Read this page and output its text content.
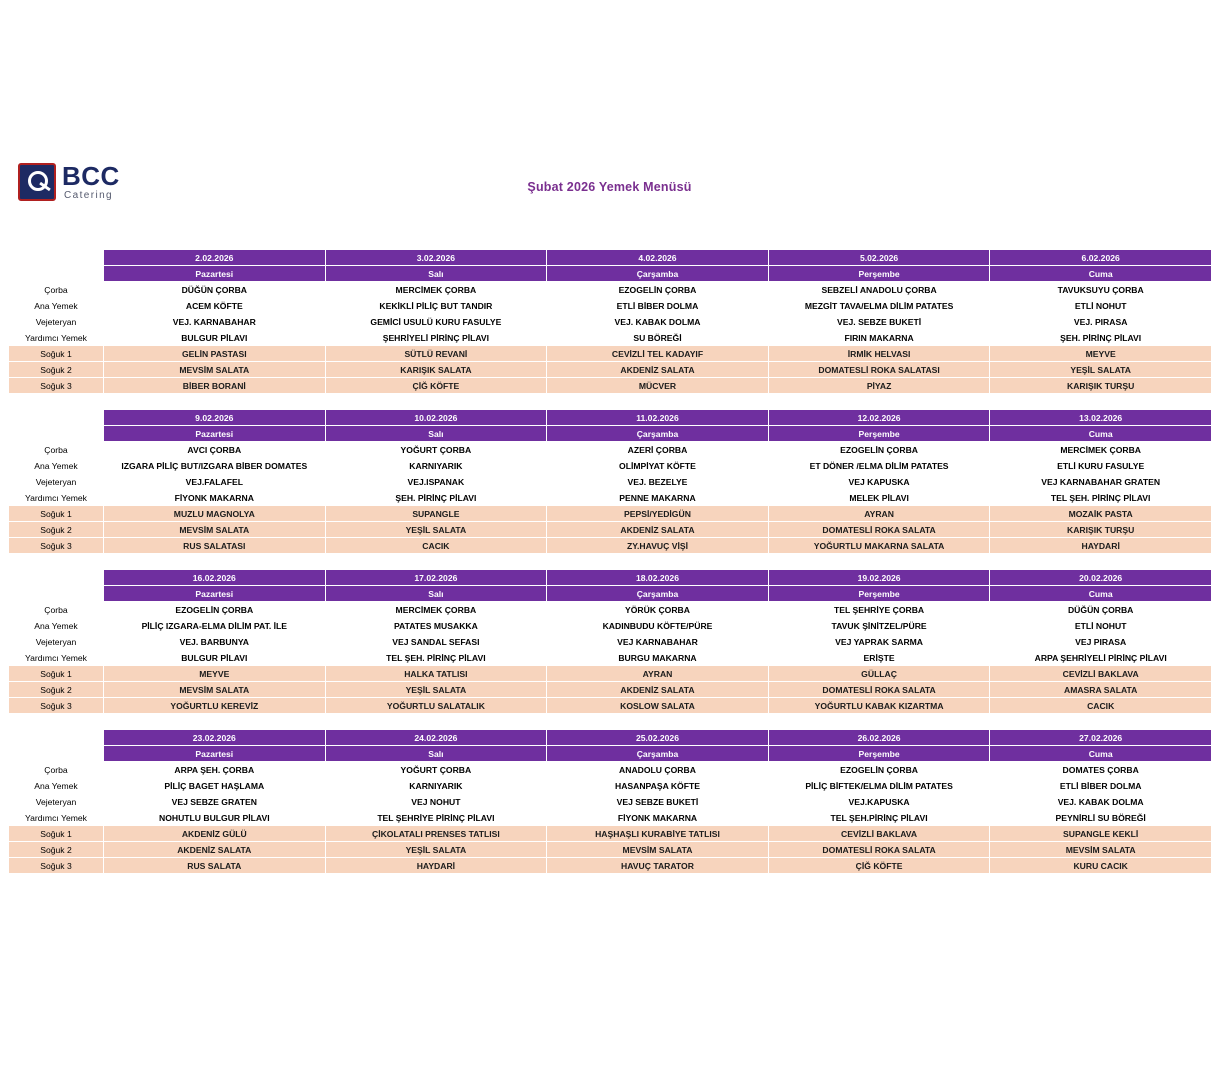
BCC
Catering
Şubat 2026 Yemek Menüsü

	2.02.2026	3.02.2026	4.02.2026	5.02.2026	6.02.2026
	Pazartesi	Salı	Çarşamba	Perşembe	Cuma
Çorba	DÜĞÜN ÇORBA	MERCİMEK ÇORBA	EZOGELİN ÇORBA	SEBZELİ ANADOLU ÇORBA	TAVUKSUYU ÇORBA
Ana Yemek	ACEM KÖFTE	KEKİKLİ PİLİÇ BUT TANDIR	ETLİ BİBER DOLMA	MEZGİT TAVA/ELMA DİLİM PATATES	ETLİ NOHUT
Vejeteryan	VEJ. KARNABAHAR	GEMİCİ USULÜ KURU FASULYE	VEJ. KABAK DOLMA	VEJ. SEBZE BUKETİ	VEJ. PIRASA
Yardımcı Yemek	BULGUR PİLAVI	ŞEHRİYELİ PİRİNÇ PİLAVI	SU BÖREĞİ	FIRIN MAKARNA	ŞEH. PİRİNÇ PİLAVI
Soğuk 1	GELİN PASTASI	SÜTLÜ REVANİ	CEVİZLİ TEL KADAYIF	İRMİK HELVASI	MEYVE
Soğuk 2	MEVSİM SALATA	KARIŞIK SALATA	AKDENİZ SALATA	DOMATESLİ ROKA SALATASI	YEŞİL SALATA
Soğuk 3	BİBER BORANİ	ÇİĞ KÖFTE	MÜCVER	PİYAZ	KARIŞIK TURŞU

	9.02.2026	10.02.2026	11.02.2026	12.02.2026	13.02.2026
	Pazartesi	Salı	Çarşamba	Perşembe	Cuma
Çorba	AVCI ÇORBA	YOĞURT ÇORBA	AZERİ ÇORBA	EZOGELİN ÇORBA	MERCİMEK ÇORBA
Ana Yemek	IZGARA PİLİÇ BUT/IZGARA BİBER DOMATES	KARNIYARIK	OLİMPİYAT KÖFTE	ET DÖNER /ELMA DİLİM PATATES	ETLİ KURU FASULYE
Vejeteryan	VEJ.FALAFEL	VEJ.ISPANAK	VEJ. BEZELYE	VEJ KAPUSKA	VEJ KARNABAHAR GRATEN
Yardımcı Yemek	FİYONK MAKARNA	ŞEH. PİRİNÇ PİLAVI	PENNE MAKARNA	MELEK PİLAVI	TEL ŞEH. PİRİNÇ PİLAVI
Soğuk 1	MUZLU MAGNOLYA	SUPANGLE	PEPSİ/YEDİGÜN	AYRAN	MOZAİK PASTA
Soğuk 2	MEVSİM SALATA	YEŞİL SALATA	AKDENİZ SALATA	DOMATESLİ ROKA SALATA	KARIŞIK TURŞU
Soğuk 3	RUS SALATASI	CACIK	ZY.HAVUÇ VİŞİ	YOĞURTLU MAKARNA SALATA	HAYDARİ

	16.02.2026	17.02.2026	18.02.2026	19.02.2026	20.02.2026
	Pazartesi	Salı	Çarşamba	Perşembe	Cuma
Çorba	EZOGELİN ÇORBA	MERCİMEK ÇORBA	YÖRÜK ÇORBA	TEL ŞEHRİYE ÇORBA	DÜĞÜN ÇORBA
Ana Yemek	PİLİÇ IZGARA-ELMA DİLİM PAT. İLE	PATATES MUSAKKA	KADINBUDU KÖFTE/PÜRE	TAVUK ŞİNİTZEL/PÜRE	ETLİ NOHUT
Vejeteryan	VEJ. BARBUNYA	VEJ SANDAL SEFASI	VEJ KARNABAHAR	VEJ YAPRAK SARMA	VEJ PIRASA
Yardımcı Yemek	BULGUR PİLAVI	TEL ŞEH. PİRİNÇ PİLAVI	BURGU MAKARNA	ERİŞTE	ARPA ŞEHRİYELİ PİRİNÇ PİLAVI
Soğuk 1	MEYVE	HALKA TATLISI	AYRAN	GÜLLAÇ	CEVİZLİ BAKLAVA
Soğuk 2	MEVSİM SALATA	YEŞİL SALATA	AKDENİZ SALATA	DOMATESLİ ROKA SALATA	AMASRA SALATA
Soğuk 3	YOĞURTLU KEREVİZ	YOĞURTLU SALATALIK	KOSLOW SALATA	YOĞURTLU KABAK KIZARTMA	CACIK

	23.02.2026	24.02.2026	25.02.2026	26.02.2026	27.02.2026
	Pazartesi	Salı	Çarşamba	Perşembe	Cuma
Çorba	ARPA ŞEH. ÇORBA	YOĞURT ÇORBA	ANADOLU ÇORBA	EZOGELİN ÇORBA	DOMATES ÇORBA
Ana Yemek	PİLİÇ BAGET HAŞLAMA	KARNIYARIK	HASANPAŞA KÖFTE	PİLİÇ BİFTEK/ELMA DİLİM PATATES	ETLİ BİBER DOLMA
Vejeteryan	VEJ SEBZE GRATEN	VEJ NOHUT	VEJ SEBZE BUKETİ	VEJ.KAPUSKA	VEJ. KABAK DOLMA
Yardımcı Yemek	NOHUTLU BULGUR PİLAVI	TEL ŞEHRİYE PİRİNÇ PİLAVI	FİYONK MAKARNA	TEL ŞEH.PİRİNÇ PİLAVI	PEYNİRLİ SU BÖREĞİ
Soğuk 1	AKDENİZ GÜLÜ	ÇİKOLATALI PRENSES TATLISI	HAŞHAŞLI KURABİYE TATLISI	CEVİZLİ BAKLAVA	SUPANGLE KEKLİ
Soğuk 2	AKDENİZ SALATA	YEŞİL SALATA	MEVSİM SALATA	DOMATESLİ ROKA SALATA	MEVSİM SALATA
Soğuk 3	RUS SALATA	HAYDARİ	HAVUÇ TARATOR	ÇİĞ KÖFTE	KURU CACIK
